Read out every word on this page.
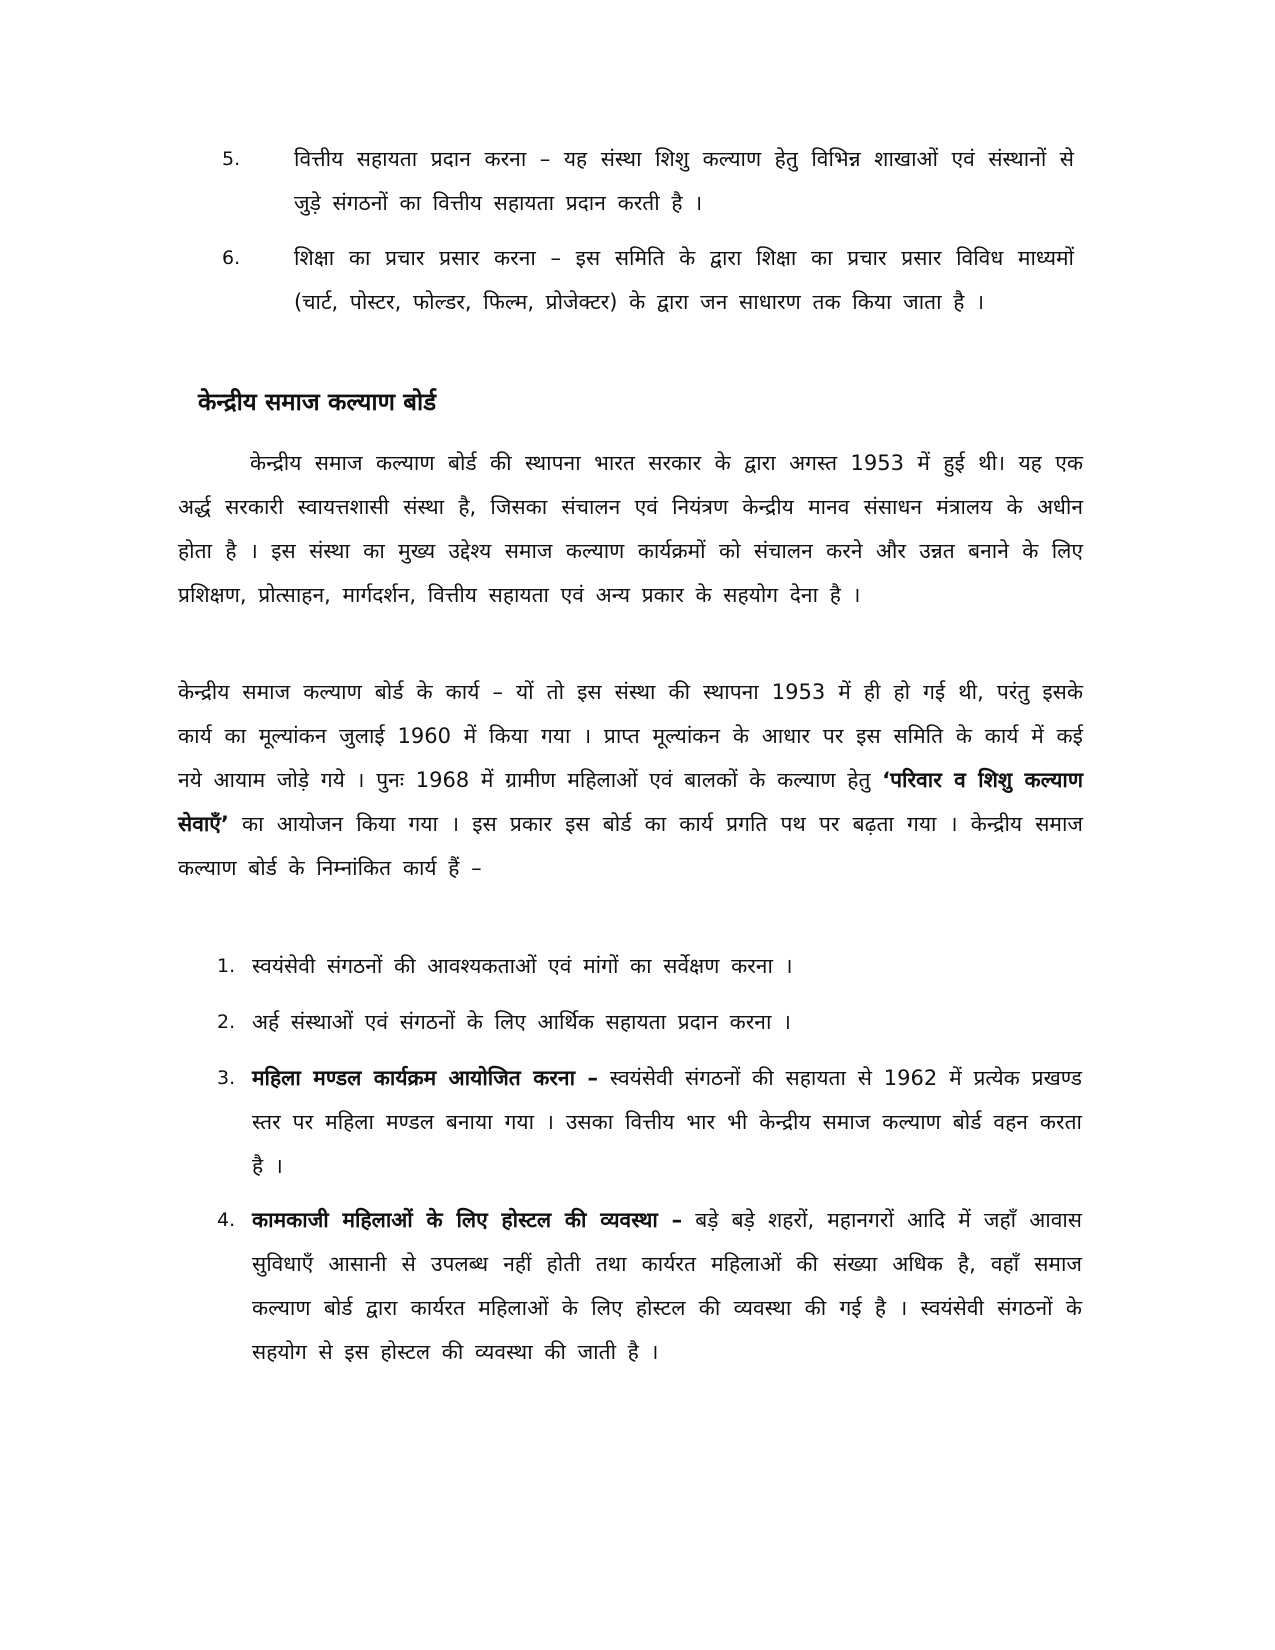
5.	वित्तीय सहायता प्रदान करना – यह संस्था शिशु कल्याण हेतु विभिन्न शाखाओं एवं संस्थानों से जुड़े संगठनों का वित्तीय सहायता प्रदान करती है ।

6.	शिक्षा का प्रचार प्रसार करना – इस समिति के द्वारा शिक्षा का प्रचार प्रसार विविध माध्यमों (चार्ट, पोस्टर, फोल्डर, फिल्म, प्रोजेक्टर) के द्वारा जन साधारण तक किया जाता है ।

केन्द्रीय समाज कल्याण बोर्ड

केन्द्रीय समाज कल्याण बोर्ड की स्थापना भारत सरकार के द्वारा अगस्त 1953 में हुई थी। यह एक अर्द्ध सरकारी स्वायत्तशासी संस्था है, जिसका संचालन एवं नियंत्रण केन्द्रीय मानव संसाधन मंत्रालय के अधीन होता है । इस संस्था का मुख्य उद्देश्य समाज कल्याण कार्यक्रमों को संचालन करने और उन्नत बनाने के लिए प्रशिक्षण, प्रोत्साहन, मार्गदर्शन, वित्तीय सहायता एवं अन्य प्रकार के सहयोग देना है ।

केन्द्रीय समाज कल्याण बोर्ड के कार्य – यों तो इस संस्था की स्थापना 1953 में ही हो गई थी, परंतु इसके कार्य का मूल्यांकन जुलाई 1960 में किया गया । प्राप्त मूल्यांकन के आधार पर इस समिति के कार्य में कई नये आयाम जोड़े गये । पुनः 1968 में ग्रामीण महिलाओं एवं बालकों के कल्याण हेतु ‘परिवार व शिशु कल्याण सेवाएँ’ का आयोजन किया गया । इस प्रकार इस बोर्ड का कार्य प्रगति पथ पर बढ़ता गया । केन्द्रीय समाज कल्याण बोर्ड के निम्नांकित कार्य हैं –

1. स्वयंसेवी संगठनों की आवश्यकताओं एवं मांगों का सर्वेक्षण करना ।

2. अर्ह संस्थाओं एवं संगठनों के लिए आर्थिक सहायता प्रदान करना ।

3. महिला मण्डल कार्यक्रम आयोजित करना – स्वयंसेवी संगठनों की सहायता से 1962 में प्रत्येक प्रखण्ड स्तर पर महिला मण्डल बनाया गया । उसका वित्तीय भार भी केन्द्रीय समाज कल्याण बोर्ड वहन करता है ।

4. कामकाजी महिलाओं के लिए होस्टल की व्यवस्था – बड़े बड़े शहरों, महानगरों आदि में जहाँ आवास सुविधाएँ आसानी से उपलब्ध नहीं होती तथा कार्यरत महिलाओं की संख्या अधिक है, वहाँ समाज कल्याण बोर्ड द्वारा कार्यरत महिलाओं के लिए होस्टल की व्यवस्था की गई है । स्वयंसेवी संगठनों के सहयोग से इस होस्टल की व्यवस्था की जाती है ।
